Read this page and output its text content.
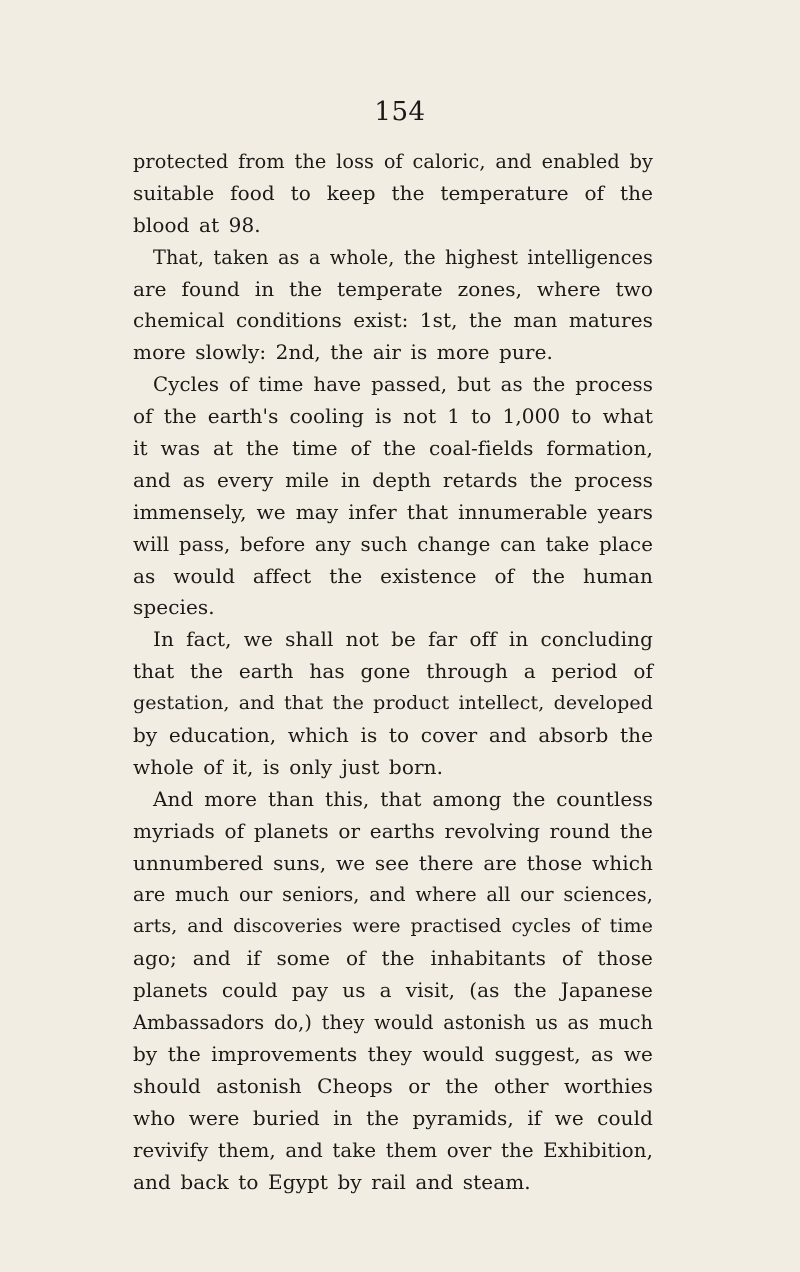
154
protected from the loss of caloric, and enabled by
suitable food to keep the temperature of the
blood at 98.
That, taken as a whole, the highest intelligences
are found in the temperate zones, where two
chemical conditions exist: 1st, the man matures
more slowly: 2nd, the air is more pure.
Cycles of time have passed, but as the process
of the earth's cooling is not 1 to 1,000 to what
it was at the time of the coal-fields formation,
and as every mile in depth retards the process
immensely, we may infer that innumerable years
will pass, before any such change can take place
as would affect the existence of the human
species.
In fact, we shall not be far off in concluding
that the earth has gone through a period of
gestation, and that the product intellect, developed
by education, which is to cover and absorb the
whole of it, is only just born.
And more than this, that among the countless
myriads of planets or earths revolving round the
unnumbered suns, we see there are those which
are much our seniors, and where all our sciences,
arts, and discoveries were practised cycles of time
ago; and if some of the inhabitants of those
planets could pay us a visit, (as the Japanese
Ambassadors do,) they would astonish us as much
by the improvements they would suggest, as we
should astonish Cheops or the other worthies
who were buried in the pyramids, if we could
revivify them, and take them over the Exhibition,
and back to Egypt by rail and steam.
